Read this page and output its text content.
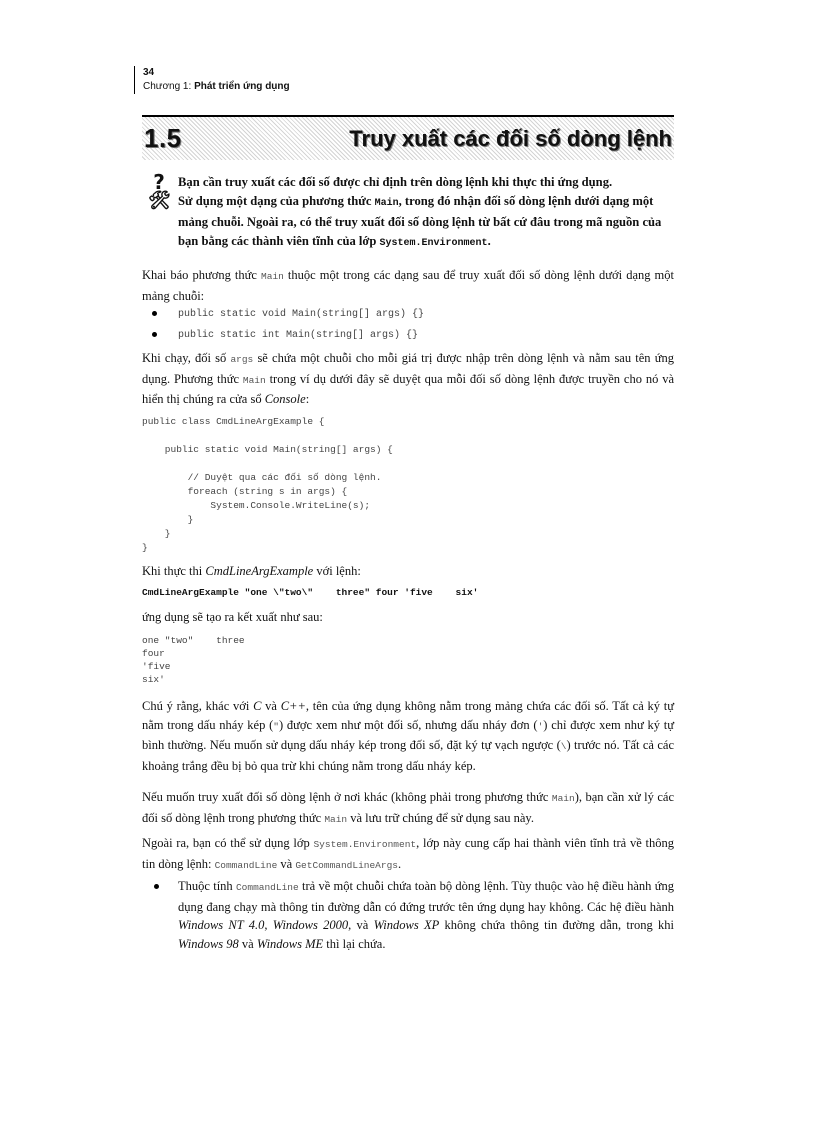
34
Chương 1: Phát triển ứng dụng
1.5	Truy xuất các đối số dòng lệnh
?	Bạn cần truy xuất các đối số được chỉ định trên dòng lệnh khi thực thi ứng dụng.
🛠 Sử dụng một dạng của phương thức Main, trong đó nhận đối số dòng lệnh dưới dạng một mảng chuỗi. Ngoài ra, có thể truy xuất đối số dòng lệnh từ bất cứ đâu trong mã nguồn của bạn bằng các thành viên tĩnh của lớp System.Environment.
Khai báo phương thức Main thuộc một trong các dạng sau để truy xuất đối số dòng lệnh dưới dạng một mảng chuỗi:
public static void Main(string[] args) {}
public static int Main(string[] args) {}
Khi chạy, đối số args sẽ chứa một chuỗi cho mỗi giá trị được nhập trên dòng lệnh và nằm sau tên ứng dụng. Phương thức Main trong ví dụ dưới đây sẽ duyệt qua mỗi đối số dòng lệnh được truyền cho nó và hiển thị chúng ra cửa sổ Console:
public class CmdLineArgExample {

public static void Main(string[] args) {

// Duyệt qua các đối số dòng lệnh.
foreach (string s in args) {
System.Console.WriteLine(s);
}
}
}
Khi thực thi CmdLineArgExample với lệnh:
CmdLineArgExample "one \"two\"    three" four 'five    six'
ứng dụng sẽ tạo ra kết xuất như sau:
one "two"    three
four
'five
six'
Chú ý rằng, khác với C và C++, tên của ứng dụng không nằm trong mảng chứa các đối số. Tất cả ký tự nằm trong dấu nháy kép (") được xem như một đối số, nhưng dấu nháy đơn (') chỉ được xem như ký tự bình thường. Nếu muốn sử dụng dấu nháy kép trong đối số, đặt ký tự vạch ngược (\) trước nó. Tất cả các khoảng trắng đều bị bỏ qua trừ khi chúng nằm trong dấu nháy kép.
Nếu muốn truy xuất đối số dòng lệnh ở nơi khác (không phải trong phương thức Main), bạn cần xử lý các đối số dòng lệnh trong phương thức Main và lưu trữ chúng để sử dụng sau này.
Ngoài ra, bạn có thể sử dụng lớp System.Environment, lớp này cung cấp hai thành viên tĩnh trả về thông tin dòng lệnh: CommandLine và GetCommandLineArgs.
Thuộc tính CommandLine trả về một chuỗi chứa toàn bộ dòng lệnh. Tùy thuộc vào hệ điều hành ứng dụng đang chạy mà thông tin đường dẫn có đứng trước tên ứng dụng hay không. Các hệ điều hành Windows NT 4.0, Windows 2000, và Windows XP không chứa thông tin đường dẫn, trong khi Windows 98 và Windows ME thì lại chứa.
